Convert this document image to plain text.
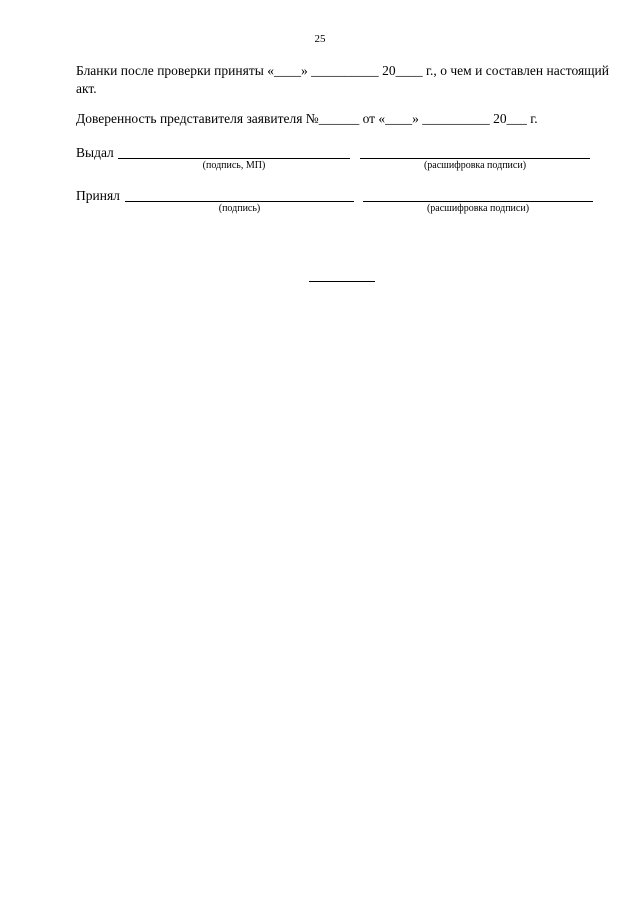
25
Бланки после проверки приняты «____» __________ 20____ г., о чем и составлен настоящий акт.
Доверенность представителя заявителя №______ от «____» __________ 20___ г.
Выдал
(подпись, МП)	(расшифровка подписи)
Принял
(подпись)	(расшифровка подписи)
